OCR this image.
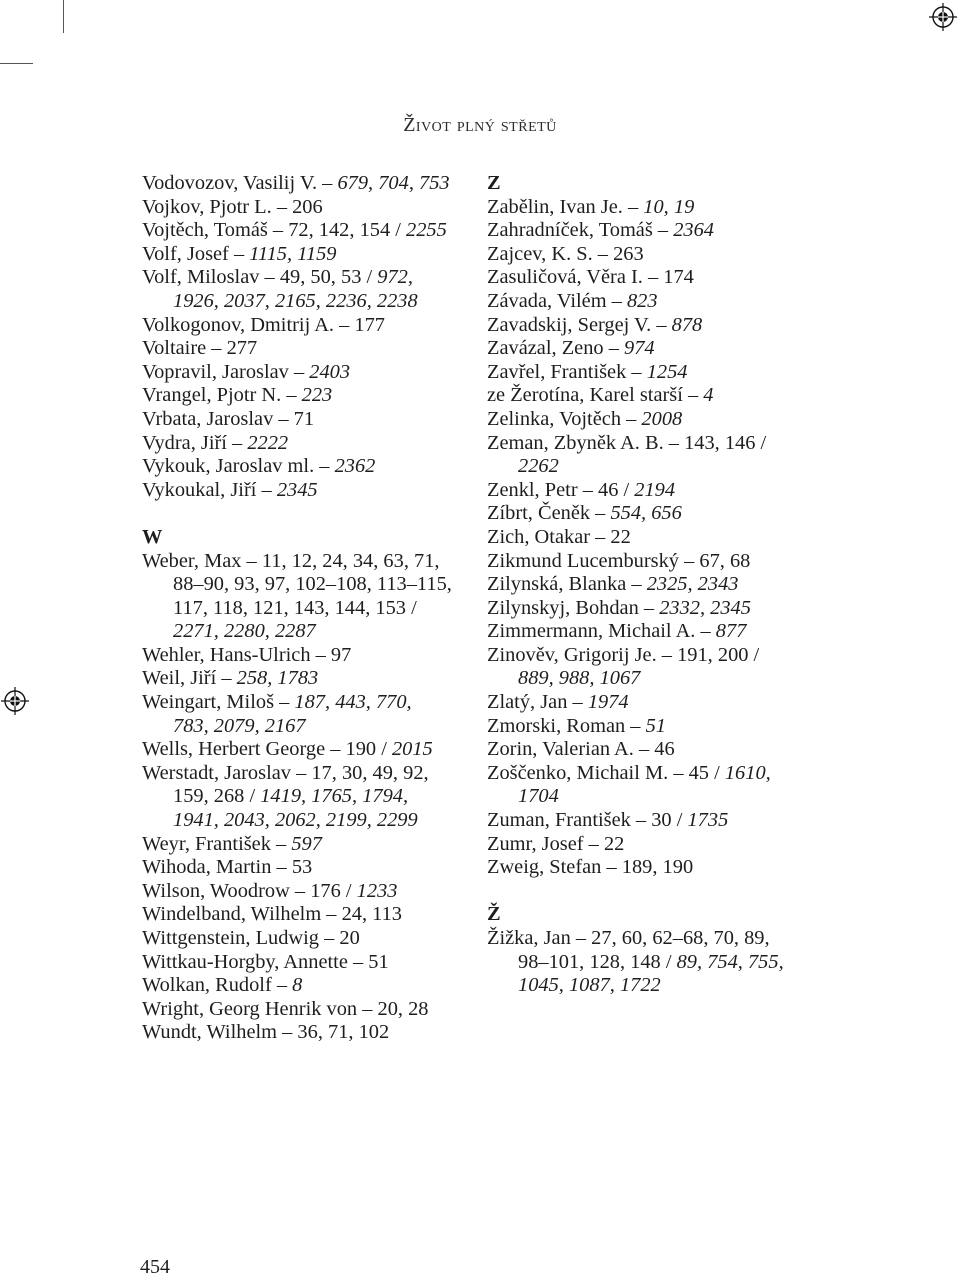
Život plný střetů
Vodovozov, Vasilij V. – 679, 704, 753
Vojkov, Pjotr L. – 206
Vojtěch, Tomáš – 72, 142, 154 / 2255
Volf, Josef – 1115, 1159
Volf, Miloslav – 49, 50, 53 / 972,
1926, 2037, 2165, 2236, 2238
Volkogonov, Dmitrij A. – 177
Voltaire – 277
Vopravil, Jaroslav – 2403
Vrangel, Pjotr N. – 223
Vrbata, Jaroslav – 71
Vydra, Jiří – 2222
Vykouk, Jaroslav ml. – 2362
Vykoukal, Jiří – 2345
W
Weber, Max – 11, 12, 24, 34, 63, 71,
88–90, 93, 97, 102–108, 113–115,
117, 118, 121, 143, 144, 153 /
2271, 2280, 2287
Wehler, Hans-Ulrich – 97
Weil, Jiří – 258, 1783
Weingart, Miloš – 187, 443, 770,
783, 2079, 2167
Wells, Herbert George – 190 / 2015
Werstadt, Jaroslav – 17, 30, 49, 92,
159, 268 / 1419, 1765, 1794,
1941, 2043, 2062, 2199, 2299
Weyr, František – 597
Wihoda, Martin – 53
Wilson, Woodrow – 176 / 1233
Windelband, Wilhelm – 24, 113
Wittgenstein, Ludwig – 20
Wittkau-Horgby, Annette – 51
Wolkan, Rudolf – 8
Wright, Georg Henrik von – 20, 28
Wundt, Wilhelm – 36, 71, 102
Z
Zabělin, Ivan Je. – 10, 19
Zahradníček, Tomáš – 2364
Zajcev, K. S. – 263
Zasuličová, Věra I. – 174
Závada, Vilém – 823
Zavadskij, Sergej V. – 878
Zavázal, Zeno – 974
Zavřel, František – 1254
ze Žerotína, Karel starší – 4
Zelinka, Vojtěch – 2008
Zeman, Zbyněk A. B. – 143, 146 /
2262
Zenkl, Petr – 46 / 2194
Zíbrt, Čeněk – 554, 656
Zich, Otakar – 22
Zikmund Lucemburský – 67, 68
Zilynská, Blanka – 2325, 2343
Zilynskyj, Bohdan – 2332, 2345
Zimmermann, Michail A. – 877
Zinověv, Grigorij Je. – 191, 200 /
889, 988, 1067
Zlatý, Jan – 1974
Zmorski, Roman – 51
Zorin, Valerian A. – 46
Zoščenko, Michail M. – 45 / 1610,
1704
Zuman, František – 30 / 1735
Zumr, Josef – 22
Zweig, Stefan – 189, 190
Ž
Žižka, Jan – 27, 60, 62–68, 70, 89,
98–101, 128, 148 / 89, 754, 755,
1045, 1087, 1722
454
